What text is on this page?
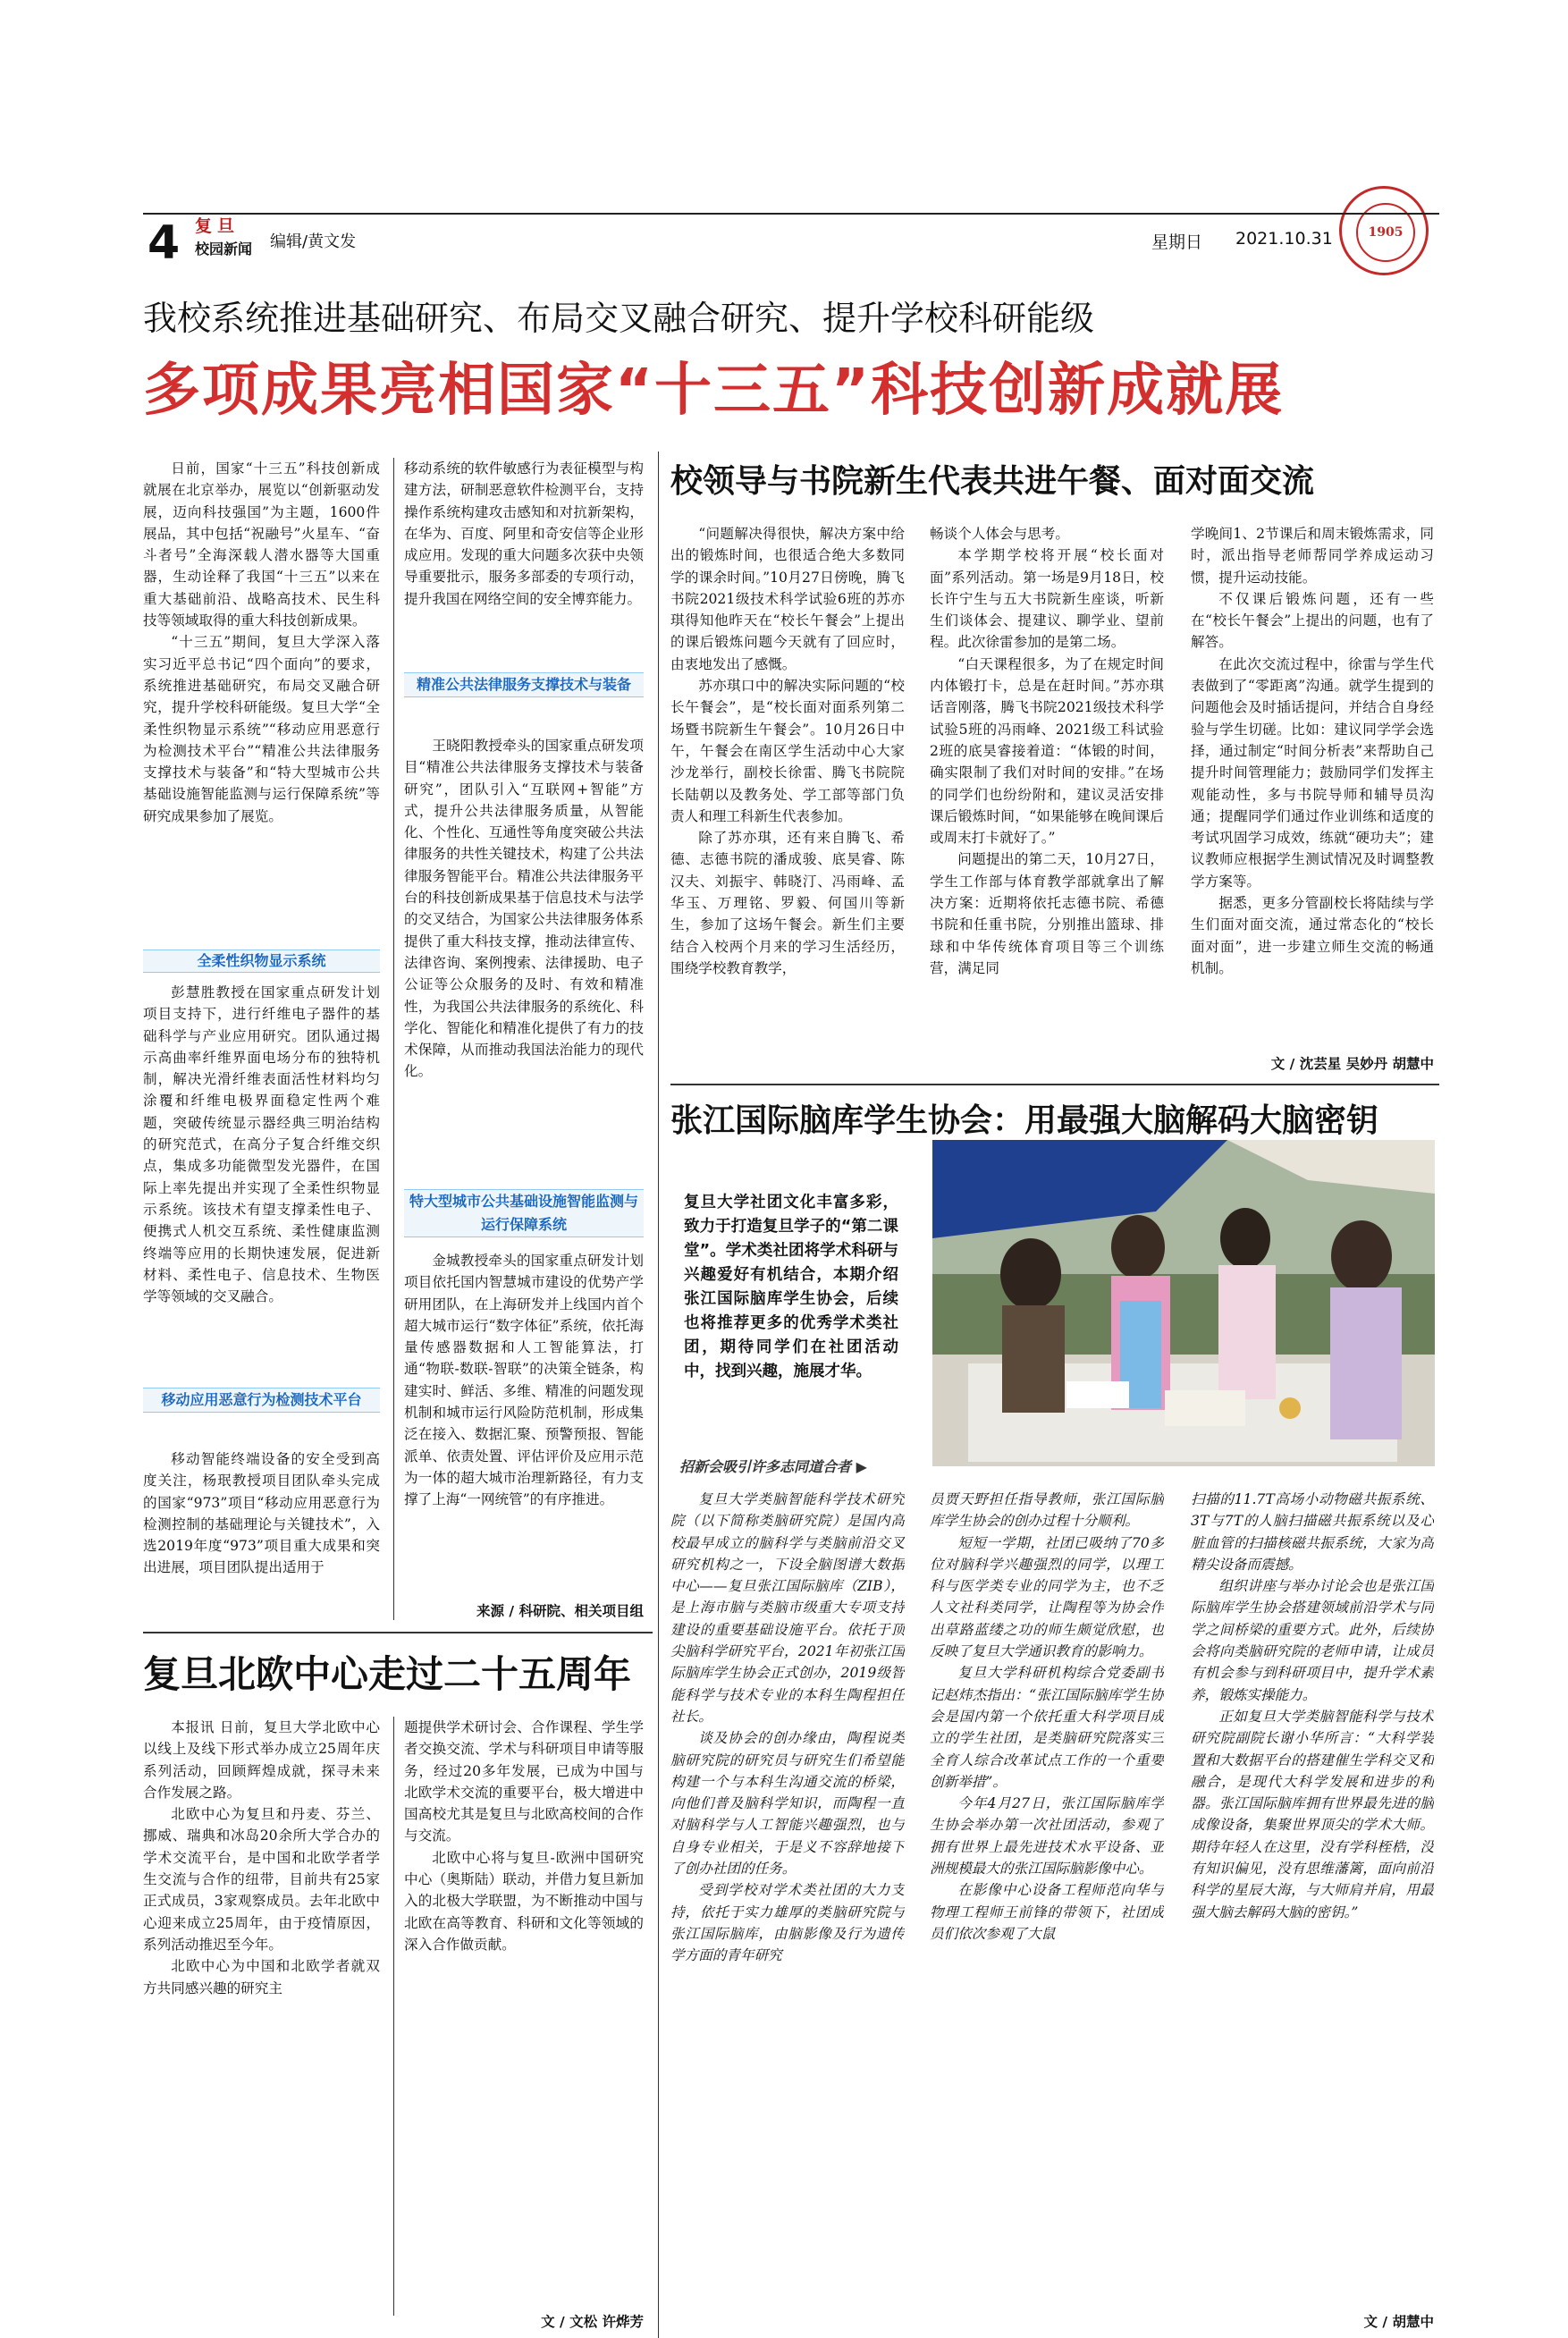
4 复旦
校园新闻 编辑/黄文发	星期日 2021.10.31	1905
我校系统推进基础研究、布局交叉融合研究、提升学校科研能级
多项成果亮相国家“十三五”科技创新成就展

日前，国家“十三五”科技创新成就展在北京举办，展览以“创新驱动发展，迈向科技强国”为主题，1600件展品，其中包括“祝融号”火星车、“奋斗者号”全海深载人潜水器等大国重器，生动诠释了我国“十三五”以来在重大基础前沿、战略高技术、民生科技等领域取得的重大科技创新成果。

“十三五”期间，复旦大学深入落实习近平总书记“四个面向”的要求，系统推进基础研究，布局交叉融合研究，提升学校科研能级。复旦大学“全柔性织物显示系统”“移动应用恶意行为检测技术平台”“精准公共法律服务支撑技术与装备”和“特大型城市公共基础设施智能监测与运行保障系统”等研究成果参加了展览。

全柔性织物显示系统

彭慧胜教授在国家重点研发计划项目支持下，进行纤维电子器件的基础科学与产业应用研究。团队通过揭示高曲率纤维界面电场分布的独特机制，解决光滑纤维表面活性材料均匀涂覆和纤维电极界面稳定性两个难题，突破传统显示器经典三明治结构的研究范式，在高分子复合纤维交织点，集成多功能微型发光器件，在国际上率先提出并实现了全柔性织物显示系统。该技术有望支撑柔性电子、便携式人机交互系统、柔性健康监测终端等应用的长期快速发展，促进新材料、柔性电子、信息技术、生物医学等领域的交叉融合。

移动应用恶意行为检测技术平台

移动智能终端设备的安全受到高度关注，杨珉教授项目团队牵头完成的国家“973”项目“移动应用恶意行为检测控制的基础理论与关键技术”，入选2019年度“973”项目重大成果和突出进展，项目团队提出适用于

移动系统的软件敏感行为表征模型与构建方法，研制恶意软件检测平台，支持操作系统构建攻击感知和对抗新架构，在华为、百度、阿里和奇安信等企业形成应用。发现的重大问题多次获中央领导重要批示，服务多部委的专项行动，提升我国在网络空间的安全博弈能力。

精准公共法律服务支撑技术与装备

王晓阳教授牵头的国家重点研发项目“精准公共法律服务支撑技术与装备研究”，团队引入“互联网+智能”方式，提升公共法律服务质量，从智能化、个性化、互通性等角度突破公共法律服务的共性关键技术，构建了公共法律服务智能平台。精准公共法律服务平台的科技创新成果基于信息技术与法学的交叉结合，为国家公共法律服务体系提供了重大科技支撑，推动法律宣传、法律咨询、案例搜索、法律援助、电子公证等公众服务的及时、有效和精准性，为我国公共法律服务的系统化、科学化、智能化和精准化提供了有力的技术保障，从而推动我国法治能力的现代化。

特大型城市公共基础设施智能监测与运行保障系统

金城教授牵头的国家重点研发计划项目依托国内智慧城市建设的优势产学研用团队，在上海研发并上线国内首个超大城市运行“数字体征”系统，依托海量传感器数据和人工智能算法，打通“物联-数联-智联”的决策全链条，构建实时、鲜活、多维、精准的问题发现机制和城市运行风险防范机制，形成集泛在接入、数据汇聚、预警预报、智能派单、依责处置、评估评价及应用示范为一体的超大城市治理新路径，有力支撑了上海“一网统管”的有序推进。

来源 / 科研院、相关项目组
校领导与书院新生代表共进午餐、面对面交流

“问题解决得很快，解决方案中给出的锻炼时间，也很适合绝大多数同学的课余时间。”10月27日傍晚，腾飞书院2021级技术科学试验6班的苏亦琪得知他昨天在“校长午餐会”上提出的课后锻炼问题今天就有了回应时，由衷地发出了感慨。

苏亦琪口中的解决实际问题的“校长午餐会”，是“校长面对面系列第二场暨书院新生午餐会”。10月26日中午，午餐会在南区学生活动中心大家沙龙举行，副校长徐雷、腾飞书院院长陆朝以及教务处、学工部等部门负责人和理工科新生代表参加。

除了苏亦琪，还有来自腾飞、希德、志德书院的潘成骏、底昊睿、陈汉夫、刘振宇、韩晓汀、冯雨峰、孟华玉、万理铭、罗毅、何国川等新生，参加了这场午餐会。新生们主要结合入校两个月来的学习生活经历，围绕学校教育教学，

畅谈个人体会与思考。

本学期学校将开展“校长面对面”系列活动。第一场是9月18日，校长许宁生与五大书院新生座谈，听新生们谈体会、提建议、聊学业、望前程。此次徐雷参加的是第二场。

“白天课程很多，为了在规定时间内体锻打卡，总是在赶时间。”苏亦琪话音刚落，腾飞书院2021级技术科学试验5班的冯雨峰、2021级工科试验2班的底昊睿接着道：“体锻的时间，确实限制了我们对时间的安排。”在场的同学们也纷纷附和，建议灵活安排课后锻炼时间，“如果能够在晚间课后或周末打卡就好了。”

问题提出的第二天，10月27日，学生工作部与体育教学部就拿出了解决方案：近期将依托志德书院、希德书院和任重书院，分别推出篮球、排球和中华传统体育项目等三个训练营，满足同

学晚间1、2节课后和周末锻炼需求，同时，派出指导老师帮同学养成运动习惯，提升运动技能。

不仅课后锻炼问题，还有一些在“校长午餐会”上提出的问题，也有了解答。

在此次交流过程中，徐雷与学生代表做到了“零距离”沟通。就学生提到的问题他会及时插话提问，并结合自身经验与学生切磋。比如：建议同学学会选择，通过制定“时间分析表”来帮助自己提升时间管理能力；鼓励同学们发挥主观能动性，多与书院导师和辅导员沟通；提醒同学们通过作业训练和适度的考试巩固学习成效，练就“硬功夫”；建议教师应根据学生测试情况及时调整教学方案等。

据悉，更多分管副校长将陆续与学生们面对面交流，通过常态化的“校长面对面”，进一步建立师生交流的畅通机制。

文 / 沈芸星 吴妙丹 胡慧中
张江国际脑库学生协会：用最强大脑解码大脑密钥
复旦大学社团文化丰富多彩，致力于打造复旦学子的“第二课堂”。学术类社团将学术科研与兴趣爱好有机结合，本期介绍张江国际脑库学生协会，后续也将推荐更多的优秀学术类社团，期待同学们在社团活动中，找到兴趣，施展才华。
招新会吸引许多志同道合者 ▶

复旦大学类脑智能科学技术研究院（以下简称类脑研究院）是国内高校最早成立的脑科学与类脑前沿交叉研究机构之一，下设全脑图谱大数据中心——复旦张江国际脑库（ZIB），是上海市脑与类脑市级重大专项支持建设的重要基础设施平台。依托于顶尖脑科学研究平台，2021年初张江国际脑库学生协会正式创办，2019级智能科学与技术专业的本科生陶程担任社长。

谈及协会的创办缘由，陶程说类脑研究院的研究员与研究生们希望能构建一个与本科生沟通交流的桥梁，向他们普及脑科学知识，而陶程一直对脑科学与人工智能兴趣强烈，也与自身专业相关，于是义不容辞地接下了创办社团的任务。

受到学校对学术类社团的大力支持，依托于实力雄厚的类脑研究院与张江国际脑库，由脑影像及行为遗传学方面的青年研究

员贾天野担任指导教师，张江国际脑库学生协会的创办过程十分顺利。

短短一学期，社团已吸纳了70多位对脑科学兴趣强烈的同学，以理工科与医学类专业的同学为主，也不乏人文社科类同学，让陶程等为协会作出草路蓝缕之功的师生颇觉欣慰，也反映了复旦大学通识教育的影响力。

复旦大学科研机构综合党委副书记赵炜杰指出：“张江国际脑库学生协会是国内第一个依托重大科学项目成立的学生社团，是类脑研究院落实三全育人综合改革试点工作的一个重要创新举措”。

今年4月27日，张江国际脑库学生协会举办第一次社团活动，参观了拥有世界上最先进技术水平设备、亚洲规模最大的张江国际脑影像中心。

在影像中心设备工程师范向华与物理工程师王前锋的带领下，社团成员们依次参观了大鼠

扫描的11.7T高场小动物磁共振系统、3T与7T的人脑扫描磁共振系统以及心脏血管的扫描核磁共振系统，大家为高精尖设备而震撼。

组织讲座与举办讨论会也是张江国际脑库学生协会搭建领域前沿学术与同学之间桥梁的重要方式。此外，后续协会将向类脑研究院的老师申请，让成员有机会参与到科研项目中，提升学术素养，锻炼实操能力。

正如复旦大学类脑智能科学与技术研究院副院长谢小华所言：“大科学装置和大数据平台的搭建催生学科交叉和融合，是现代大科学发展和进步的利器。张江国际脑库拥有世界最先进的脑成像设备，集聚世界顶尖的学术大师。期待年轻人在这里，没有学科桎梏，没有知识偏见，没有思维藩篱，面向前沿科学的星辰大海，与大师肩并肩，用最强大脑去解码大脑的密钥。”

文 / 胡慧中
复旦北欧中心走过二十五周年

本报讯 日前，复旦大学北欧中心以线上及线下形式举办成立25周年庆系列活动，回顾辉煌成就，探寻未来合作发展之路。

北欧中心为复旦和丹麦、芬兰、挪威、瑞典和冰岛20余所大学合办的学术交流平台，是中国和北欧学者学生交流与合作的纽带，目前共有25家正式成员，3家观察成员。去年北欧中心迎来成立25周年，由于疫情原因，系列活动推迟至今年。

北欧中心为中国和北欧学者就双方共同感兴趣的研究主

题提供学术研讨会、合作课程、学生学者交换交流、学术与科研项目申请等服务，经过20多年发展，已成为中国与北欧学术交流的重要平台，极大增进中国高校尤其是复旦与北欧高校间的合作与交流。

北欧中心将与复旦-欧洲中国研究中心（奥斯陆）联动，并借力复旦新加入的北极大学联盟，为不断推动中国与北欧在高等教育、科研和文化等领域的深入合作做贡献。

文 / 文松 许烨芳
